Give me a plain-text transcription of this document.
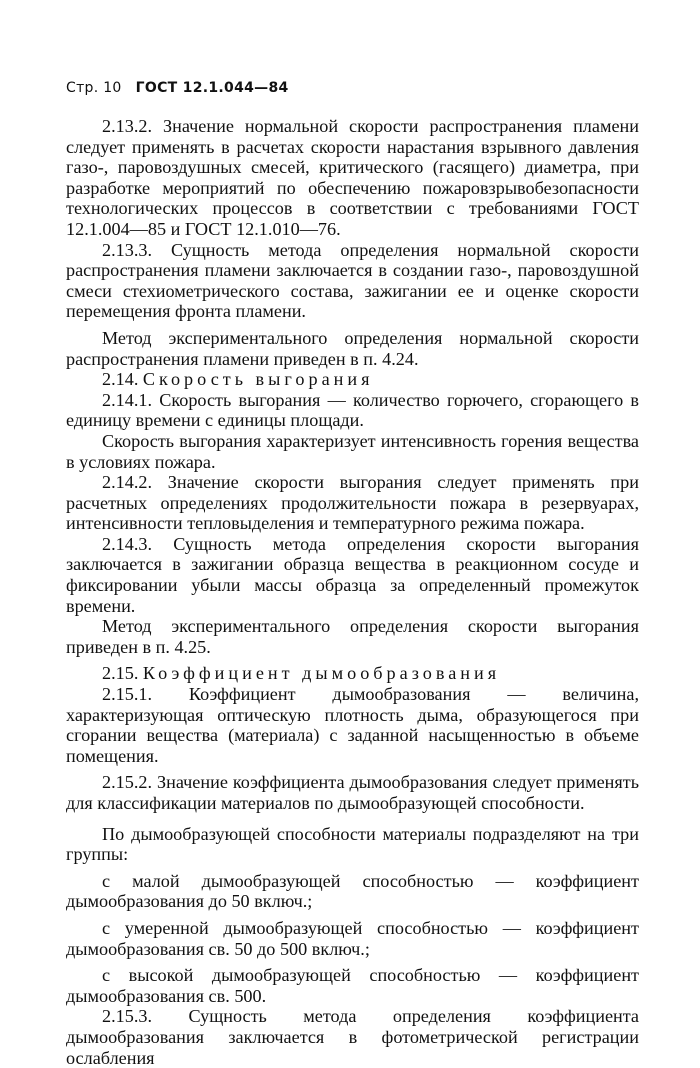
Стр. 10 ГОСТ 12.1.044—84

2.13.2. Значение нормальной скорости распространения пламени следует применять в расчетах скорости нарастания взрывного давления газо-, паровоздушных смесей, критического (гасящего) диаметра, при разработке мероприятий по обеспечению пожаровзрывобезопасности технологических процессов в соответствии с требованиями ГОСТ 12.1.004—85 и ГОСТ 12.1.010—76.

2.13.3. Сущность метода определения нормальной скорости распространения пламени заключается в создании газо-, паровоздушной смеси стехиометрического состава, зажигании ее и оценке скорости перемещения фронта пламени.

Метод экспериментального определения нормальной скорости распространения пламени приведен в п. 4.24.

2.14. Скорость выгорания

2.14.1. Скорость выгорания — количество горючего, сгорающего в единицу времени с единицы площади.

Скорость выгорания характеризует интенсивность горения вещества в условиях пожара.

2.14.2. Значение скорости выгорания следует применять при расчетных определениях продолжительности пожара в резервуарах, интенсивности тепловыделения и температурного режима пожара.

2.14.3. Сущность метода определения скорости выгорания заключается в зажигании образца вещества в реакционном сосуде и фиксировании убыли массы образца за определенный промежуток времени.

Метод экспериментального определения скорости выгорания приведен в п. 4.25.

2.15. Коэффициент дымообразования

2.15.1. Коэффициент дымообразования — величина, характеризующая оптическую плотность дыма, образующегося при сгорании вещества (материала) с заданной насыщенностью в объеме помещения.

2.15.2. Значение коэффициента дымообразования следует применять для классификации материалов по дымообразующей способности.

По дымообразующей способности материалы подразделяют на три группы:

с малой дымообразующей способностью — коэффициент дымообразования до 50 включ.;

с умеренной дымообразующей способностью — коэффициент дымообразования св. 50 до 500 включ.;

с высокой дымообразующей способностью — коэффициент дымообразования св. 500.

2.15.3. Сущность метода определения коэффициента дымообразования заключается в фотометрической регистрации ослабления
